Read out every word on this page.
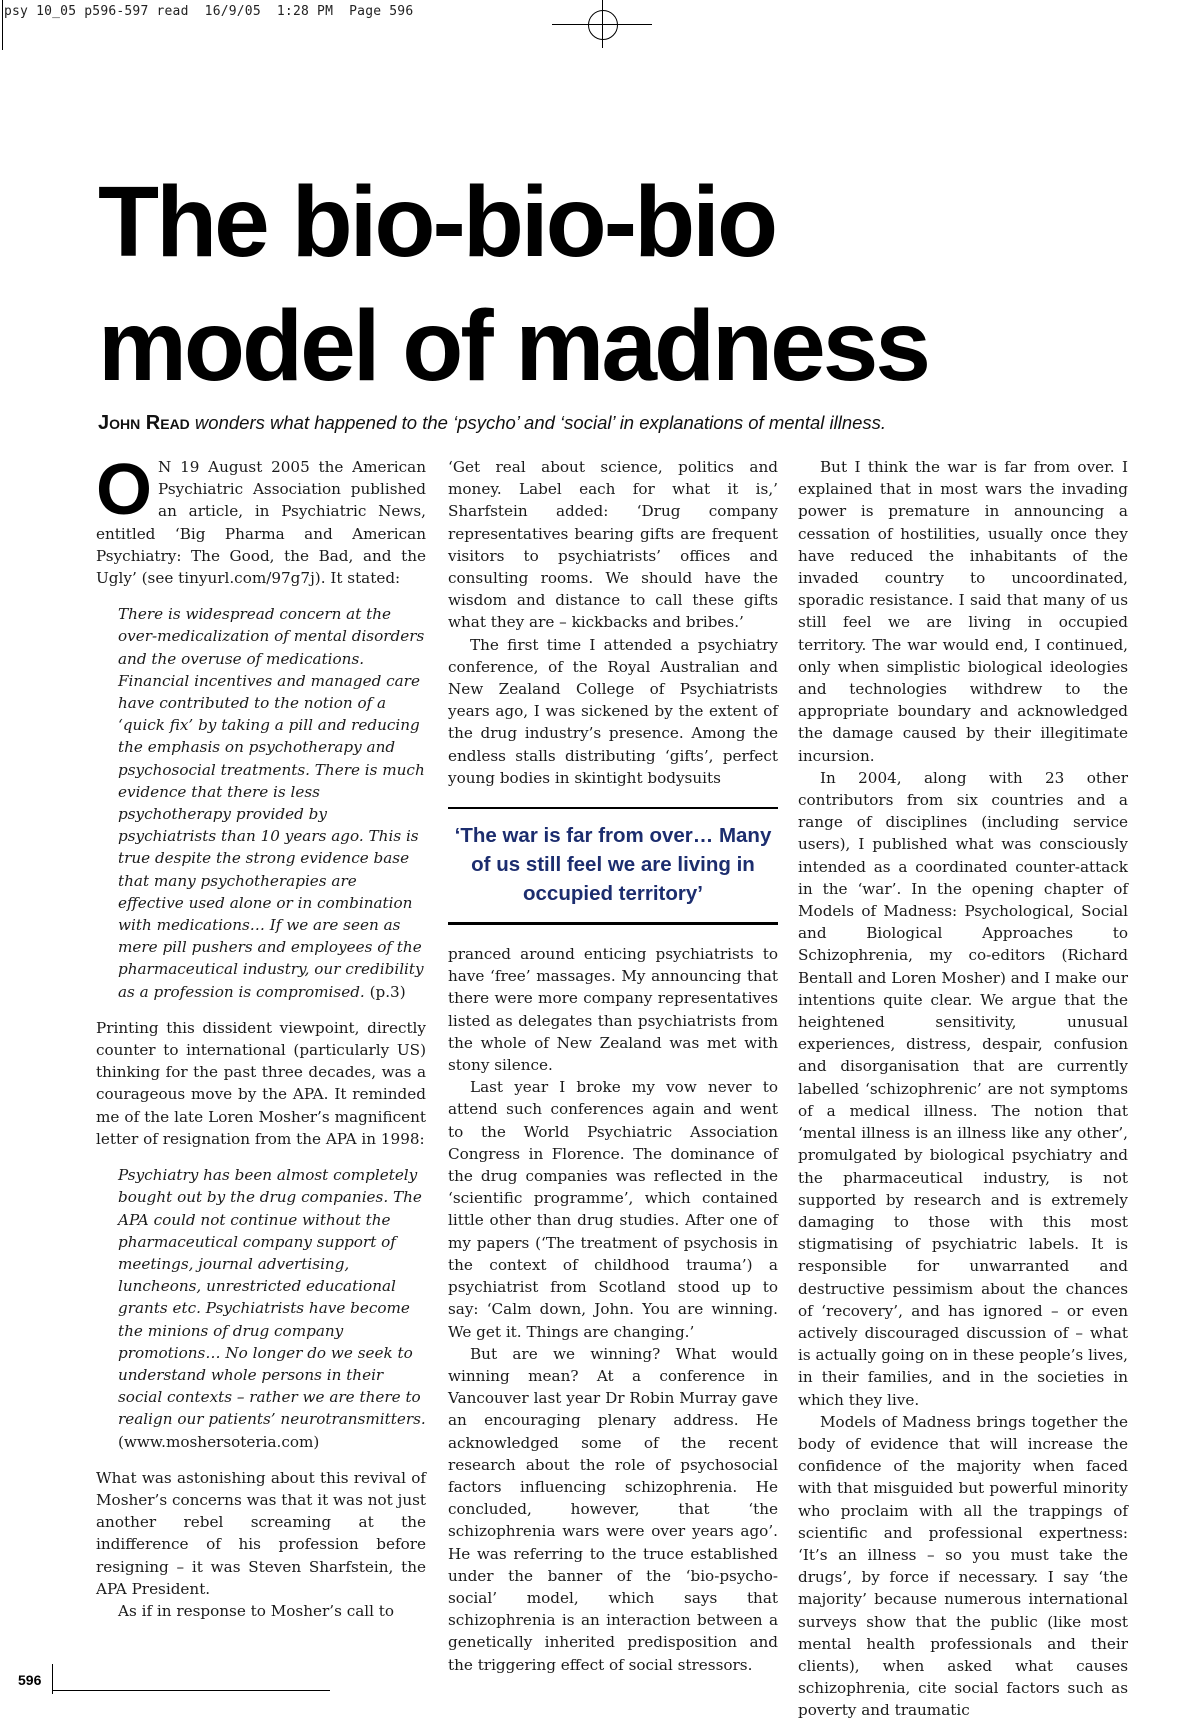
psy 10_05 p596-597 read  16/9/05  1:28 PM  Page 596
The bio-bio-bio
model of madness
John Read wonders what happened to the ‘psycho’ and ‘social’ in explanations of mental illness.

O N 19 August 2005 the American Psychiatric Association published an article, in Psychiatric News, entitled ‘Big Pharma and American Psychiatry: The Good, the Bad, and the Ugly’ (see tinyurl.com/97g7j). It stated:

There is widespread concern at the over-medicalization of mental disorders and the overuse of medications. Financial incentives and managed care have contributed to the notion of a ‘quick fix’ by taking a pill and reducing the emphasis on psychotherapy and psychosocial treatments. There is much evidence that there is less psychotherapy provided by psychiatrists than 10 years ago. This is true despite the strong evidence base that many psychotherapies are effective used alone or in combination with medications… If we are seen as mere pill pushers and employees of the pharmaceutical industry, our credibility as a profession is compromised. (p.3)

Printing this dissident viewpoint, directly counter to international (particularly US) thinking for the past three decades, was a courageous move by the APA. It reminded me of the late Loren Mosher’s magnificent letter of resignation from the APA in 1998:

Psychiatry has been almost completely bought out by the drug companies. The APA could not continue without the pharmaceutical company support of meetings, journal advertising, luncheons, unrestricted educational grants etc. Psychiatrists have become the minions of drug company promotions… No longer do we seek to understand whole persons in their social contexts – rather we are there to realign our patients’ neurotransmitters. (www.moshersoteria.com)

What was astonishing about this revival of Mosher’s concerns was that it was not just another rebel screaming at the indifference of his profession before resigning – it was Steven Sharfstein, the APA President.

As if in response to Mosher’s call to

‘Get real about science, politics and money. Label each for what it is,’ Sharfstein added: ‘Drug company representatives bearing gifts are frequent visitors to psychiatrists’ offices and consulting rooms. We should have the wisdom and distance to call these gifts what they are – kickbacks and bribes.’

The first time I attended a psychiatry conference, of the Royal Australian and New Zealand College of Psychiatrists years ago, I was sickened by the extent of the drug industry’s presence. Among the endless stalls distributing ‘gifts’, perfect young bodies in skintight bodysuits

‘The war is far from over… Many of us still feel we are living in occupied territory’

pranced around enticing psychiatrists to have ‘free’ massages. My announcing that there were more company representatives listed as delegates than psychiatrists from the whole of New Zealand was met with stony silence.

Last year I broke my vow never to attend such conferences again and went to the World Psychiatric Association Congress in Florence. The dominance of the drug companies was reflected in the ‘scientific programme’, which contained little other than drug studies. After one of my papers (‘The treatment of psychosis in the context of childhood trauma’) a psychiatrist from Scotland stood up to say: ‘Calm down, John. You are winning. We get it. Things are changing.’

But are we winning? What would winning mean? At a conference in Vancouver last year Dr Robin Murray gave an encouraging plenary address. He acknowledged some of the recent research about the role of psychosocial factors influencing schizophrenia. He concluded, however, that ‘the schizophrenia wars were over years ago’. He was referring to the truce established under the banner of the ‘bio-psycho-social’ model, which says that schizophrenia is an interaction between a genetically inherited predisposition and the triggering effect of social stressors.

But I think the war is far from over. I explained that in most wars the invading power is premature in announcing a cessation of hostilities, usually once they have reduced the inhabitants of the invaded country to uncoordinated, sporadic resistance. I said that many of us still feel we are living in occupied territory. The war would end, I continued, only when simplistic biological ideologies and technologies withdrew to the appropriate boundary and acknowledged the damage caused by their illegitimate incursion.

In 2004, along with 23 other contributors from six countries and a range of disciplines (including service users), I published what was consciously intended as a coordinated counter-attack in the ‘war’. In the opening chapter of Models of Madness: Psychological, Social and Biological Approaches to Schizophrenia, my co-editors (Richard Bentall and Loren Mosher) and I make our intentions quite clear. We argue that the heightened sensitivity, unusual experiences, distress, despair, confusion and disorganisation that are currently labelled ‘schizophrenic’ are not symptoms of a medical illness. The notion that ‘mental illness is an illness like any other’, promulgated by biological psychiatry and the pharmaceutical industry, is not supported by research and is extremely damaging to those with this most stigmatising of psychiatric labels. It is responsible for unwarranted and destructive pessimism about the chances of ‘recovery’, and has ignored – or even actively discouraged discussion of – what is actually going on in these people’s lives, in their families, and in the societies in which they live.

Models of Madness brings together the body of evidence that will increase the confidence of the majority when faced with that misguided but powerful minority who proclaim with all the trappings of scientific and professional expertness: ‘It’s an illness – so you must take the drugs’, by force if necessary. I say ‘the majority’ because numerous international surveys show that the public (like most mental health professionals and their clients), when asked what causes schizophrenia, cite social factors such as poverty and traumatic

596
